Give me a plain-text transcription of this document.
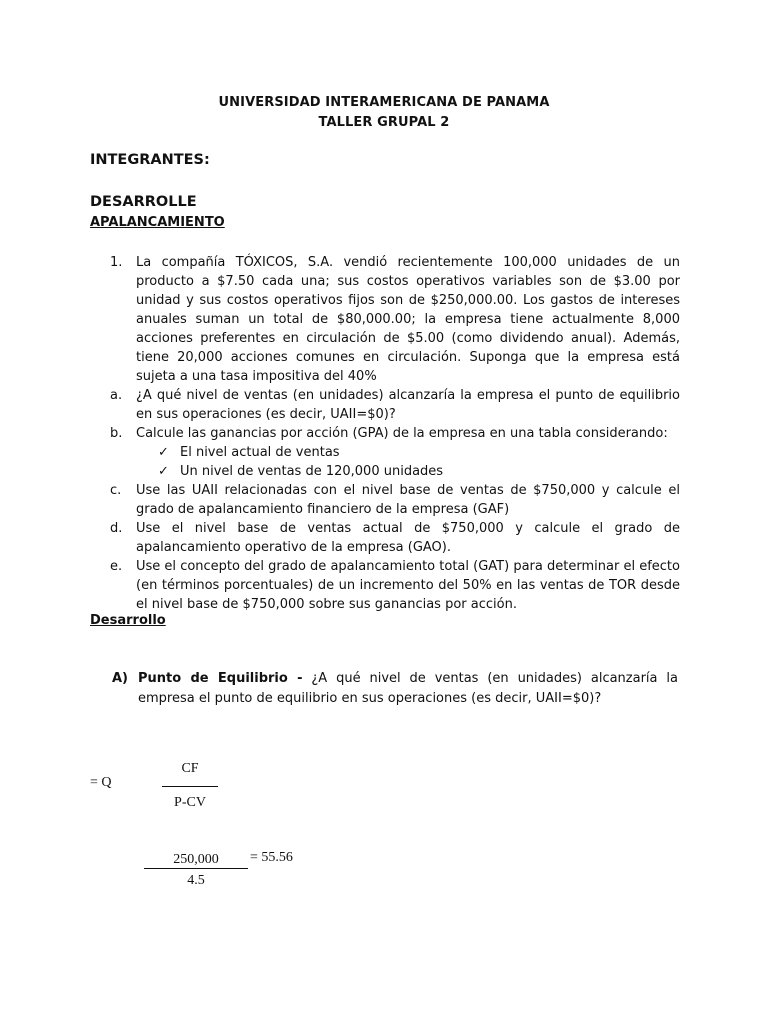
UNIVERSIDAD INTERAMERICANA DE PANAMA
TALLER GRUPAL 2
INTEGRANTES:
DESARROLLE
APALANCAMIENTO
1.	La compañía TÓXICOS, S.A. vendió recientemente 100,000 unidades de un producto a $7.50 cada una; sus costos operativos variables son de $3.00 por unidad y sus costos operativos fijos son de $250,000.00. Los gastos de intereses anuales suman un total de $80,000.00; la empresa tiene actualmente 8,000 acciones preferentes en circulación de $5.00 (como dividendo anual). Además, tiene 20,000 acciones comunes en circulación. Suponga que la empresa está sujeta a una tasa impositiva del 40%
a.	¿A qué nivel de ventas (en unidades) alcanzaría la empresa el punto de equilibrio en sus operaciones (es decir, UAII=$0)?
b.	Calcule las ganancias por acción (GPA) de la empresa en una tabla considerando:
✓ El nivel actual de ventas
✓ Un nivel de ventas de 120,000 unidades
c.	Use las UAII relacionadas con el nivel base de ventas de $750,000 y calcule el grado de apalancamiento financiero de la empresa (GAF)
d.	Use el nivel base de ventas actual de $750,000 y calcule el grado de apalancamiento operativo de la empresa (GAO).
e.	Use el concepto del grado de apalancamiento total (GAT) para determinar el efecto (en términos porcentuales) de un incremento del 50% en las ventas de TOR desde el nivel base de $750,000 sobre sus ganancias por acción.
Desarrollo
A) Punto de Equilibrio - ¿A qué nivel de ventas (en unidades) alcanzaría la empresa el punto de equilibrio en sus operaciones (es decir, UAII=$0)?
= Q
CF
P-CV
250,000
4.5
= 55.56
